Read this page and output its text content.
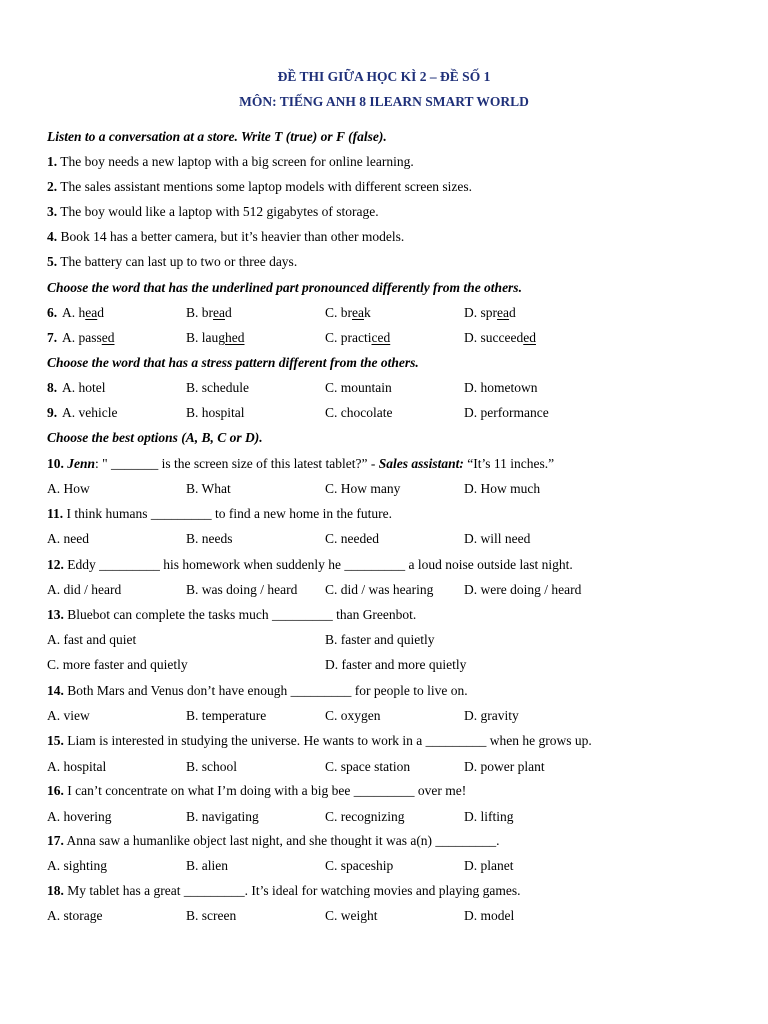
ĐỀ THI GIỮA HỌC KÌ 2 – ĐỀ SỐ 1
MÔN: TIẾNG ANH 8 ILEARN SMART WORLD
Listen to a conversation at a store. Write T (true) or F (false).
1. The boy needs a new laptop with a big screen for online learning.
2. The sales assistant mentions some laptop models with different screen sizes.
3. The boy would like a laptop with 512 gigabytes of storage.
4. Book 14 has a better camera, but it’s heavier than other models.
5. The battery can last up to two or three days.
Choose the word that has the underlined part pronounced differently from the others.
6. A. head	B. bread	C. break	D. spread
7. A. passed	B. laughed	C. practiced	D. succeeded
Choose the word that has a stress pattern different from the others.
8. A. hotel	B. schedule	C. mountain	D. hometown
9. A. vehicle	B. hospital	C. chocolate	D. performance
Choose the best options (A, B, C or D).
10. Jenn: " _______ is the screen size of this latest tablet?” - Sales assistant: “It’s 11 inches.”
A. How	B. What	C. How many	D. How much
11. I think humans _________ to find a new home in the future.
A. need	B. needs	C. needed	D. will need
12. Eddy _________ his homework when suddenly he _________ a loud noise outside last night.
A. did / heard	B. was doing / heard C. did / was hearing D. were doing / heard
13. Bluebot can complete the tasks much _________ than Greenbot.
A. fast and quiet	B. faster and quietly
C. more faster and quietly	D. faster and more quietly
14. Both Mars and Venus don’t have enough _________ for people to live on.
A. view	B. temperature	C. oxygen	D. gravity
15. Liam is interested in studying the universe. He wants to work in a _________ when he grows up.
A. hospital	B. school	C. space station	D. power plant
16. I can’t concentrate on what I’m doing with a big bee _________ over me!
A. hovering	B. navigating	C. recognizing	D. lifting
17. Anna saw a humanlike object last night, and she thought it was a(n) _________.
A. sighting	B. alien	C. spaceship	D. planet
18. My tablet has a great _________. It’s ideal for watching movies and playing games.
A. storage	B. screen	C. weight	D. model
